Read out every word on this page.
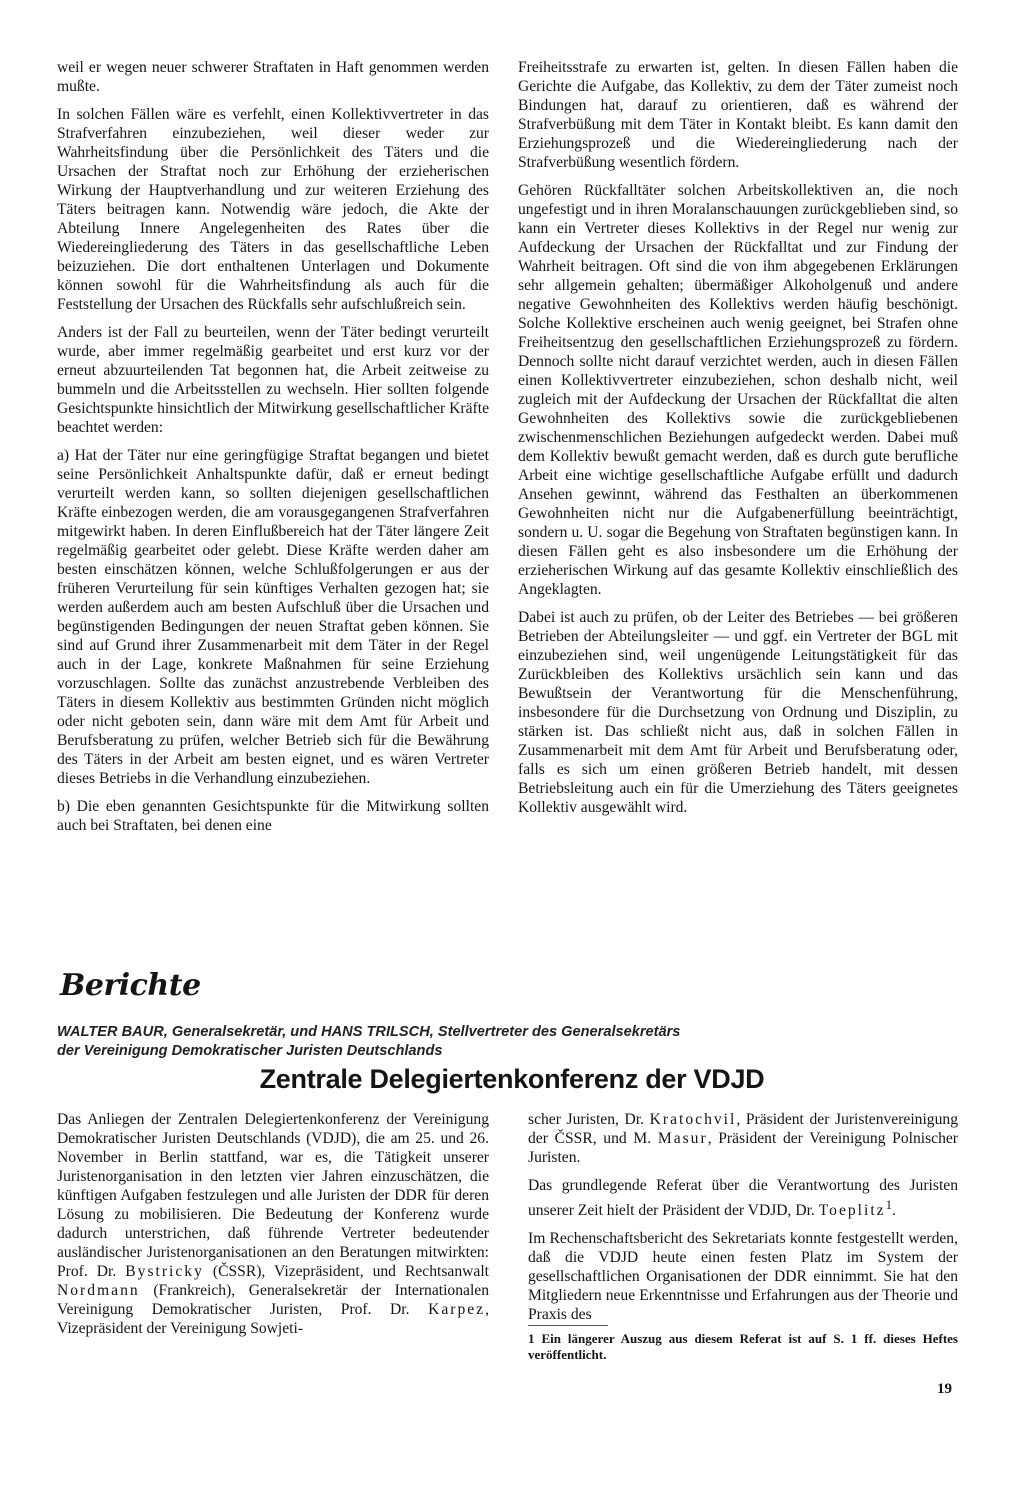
weil er wegen neuer schwerer Straftaten in Haft genommen werden mußte.

In solchen Fällen wäre es verfehlt, einen Kollektivvertreter in das Strafverfahren einzubeziehen, weil dieser weder zur Wahrheitsfindung über die Persönlichkeit des Täters und die Ursachen der Straftat noch zur Erhöhung der erzieherischen Wirkung der Hauptverhandlung und zur weiteren Erziehung des Täters beitragen kann. Notwendig wäre jedoch, die Akte der Abteilung Innere Angelegenheiten des Rates über die Wiedereingliederung des Täters in das gesellschaftliche Leben beizuziehen. Die dort enthaltenen Unterlagen und Dokumente können sowohl für die Wahrheitsfindung als auch für die Feststellung der Ursachen des Rückfalls sehr aufschlußreich sein.

Anders ist der Fall zu beurteilen, wenn der Täter bedingt verurteilt wurde, aber immer regelmäßig gearbeitet und erst kurz vor der erneut abzuurteilenden Tat begonnen hat, die Arbeit zeitweise zu bummeln und die Arbeitsstellen zu wechseln. Hier sollten folgende Gesichtspunkte hinsichtlich der Mitwirkung gesellschaftlicher Kräfte beachtet werden:

a) Hat der Täter nur eine geringfügige Straftat begangen und bietet seine Persönlichkeit Anhaltspunkte dafür, daß er erneut bedingt verurteilt werden kann, so sollten diejenigen gesellschaftlichen Kräfte einbezogen werden, die am vorausgegangenen Strafverfahren mitgewirkt haben. In deren Einflußbereich hat der Täter längere Zeit regelmäßig gearbeitet oder gelebt. Diese Kräfte werden daher am besten einschätzen können, welche Schlußfolgerungen er aus der früheren Verurteilung für sein künftiges Verhalten gezogen hat; sie werden außerdem auch am besten Aufschluß über die Ursachen und begünstigenden Bedingungen der neuen Straftat geben können. Sie sind auf Grund ihrer Zusammenarbeit mit dem Täter in der Regel auch in der Lage, konkrete Maßnahmen für seine Erziehung vorzuschlagen. Sollte das zunächst anzustrebende Verbleiben des Täters in diesem Kollektiv aus bestimmten Gründen nicht möglich oder nicht geboten sein, dann wäre mit dem Amt für Arbeit und Berufsberatung zu prüfen, welcher Betrieb sich für die Bewährung des Täters in der Arbeit am besten eignet, und es wären Vertreter dieses Betriebs in die Verhandlung einzubeziehen.

b) Die eben genannten Gesichtspunkte für die Mitwirkung sollten auch bei Straftaten, bei denen eine

Freiheitsstrafe zu erwarten ist, gelten. In diesen Fällen haben die Gerichte die Aufgabe, das Kollektiv, zu dem der Täter zumeist noch Bindungen hat, darauf zu orientieren, daß es während der Strafverbüßung mit dem Täter in Kontakt bleibt. Es kann damit den Erziehungsprozeß und die Wiedereingliederung nach der Strafverbüßung wesentlich fördern.

Gehören Rückfalltäter solchen Arbeitskollektiven an, die noch ungefestigt und in ihren Moralanschauungen zurückgeblieben sind, so kann ein Vertreter dieses Kollektivs in der Regel nur wenig zur Aufdeckung der Ursachen der Rückfalltat und zur Findung der Wahrheit beitragen. Oft sind die von ihm abgegebenen Erklärungen sehr allgemein gehalten; übermäßiger Alkoholgenuß und andere negative Gewohnheiten des Kollektivs werden häufig beschönigt. Solche Kollektive erscheinen auch wenig geeignet, bei Strafen ohne Freiheitsentzug den gesellschaftlichen Erziehungsprozeß zu fördern. Dennoch sollte nicht darauf verzichtet werden, auch in diesen Fällen einen Kollektivvertreter einzubeziehen, schon deshalb nicht, weil zugleich mit der Aufdeckung der Ursachen der Rückfalltat die alten Gewohnheiten des Kollektivs sowie die zurückgebliebenen zwischenmenschlichen Beziehungen aufgedeckt werden. Dabei muß dem Kollektiv bewußt gemacht werden, daß es durch gute berufliche Arbeit eine wichtige gesellschaftliche Aufgabe erfüllt und dadurch Ansehen gewinnt, während das Festhalten an überkommenen Gewohnheiten nicht nur die Aufgabenerfüllung beeinträchtigt, sondern u. U. sogar die Begehung von Straftaten begünstigen kann. In diesen Fällen geht es also insbesondere um die Erhöhung der erzieherischen Wirkung auf das gesamte Kollektiv einschließlich des Angeklagten.

Dabei ist auch zu prüfen, ob der Leiter des Betriebes — bei größeren Betrieben der Abteilungsleiter — und ggf. ein Vertreter der BGL mit einzubeziehen sind, weil ungenügende Leitungstätigkeit für das Zurückbleiben des Kollektivs ursächlich sein kann und das Bewußtsein der Verantwortung für die Menschenführung, insbesondere für die Durchsetzung von Ordnung und Disziplin, zu stärken ist. Das schließt nicht aus, daß in solchen Fällen in Zusammenarbeit mit dem Amt für Arbeit und Berufsberatung oder, falls es sich um einen größeren Betrieb handelt, mit dessen Betriebsleitung auch ein für die Umerziehung des Täters geeignetes Kollektiv ausgewählt wird.

Berichte
WALTER BAUR, Generalsekretär, und HANS TRILSCH, Stellvertreter des Generalsekretärs
der Vereinigung Demokratischer Juristen Deutschlands
Zentrale Delegiertenkonferenz der VDJD

Das Anliegen der Zentralen Delegiertenkonferenz der Vereinigung Demokratischer Juristen Deutschlands (VDJD), die am 25. und 26. November in Berlin stattfand, war es, die Tätigkeit unserer Juristenorganisation in den letzten vier Jahren einzuschätzen, die künftigen Aufgaben festzulegen und alle Juristen der DDR für deren Lösung zu mobilisieren. Die Bedeutung der Konferenz wurde dadurch unterstrichen, daß führende Vertreter bedeutender ausländischer Juristenorganisationen an den Beratungen mitwirkten: Prof. Dr. Bystricky (ČSSR), Vizepräsident, und Rechtsanwalt Nordmann (Frankreich), Generalsekretär der Internationalen Vereinigung Demokratischer Juristen, Prof. Dr. Karpez, Vizepräsident der Vereinigung Sowjeti-

scher Juristen, Dr. Kratochvil, Präsident der Juristenvereinigung der ČSSR, und M. Masur, Präsident der Vereinigung Polnischer Juristen.

Das grundlegende Referat über die Verantwortung des Juristen unserer Zeit hielt der Präsident der VDJD, Dr. Toeplitz$^1$.

Im Rechenschaftsbericht des Sekretariats konnte festgestellt werden, daß die VDJD heute einen festen Platz im System der gesellschaftlichen Organisationen der DDR einnimmt. Sie hat den Mitgliedern neue Erkenntnisse und Erfahrungen aus der Theorie und Praxis des

1 Ein längerer Auszug aus diesem Referat ist auf S. 1 ff. dieses Heftes veröffentlicht.
19
